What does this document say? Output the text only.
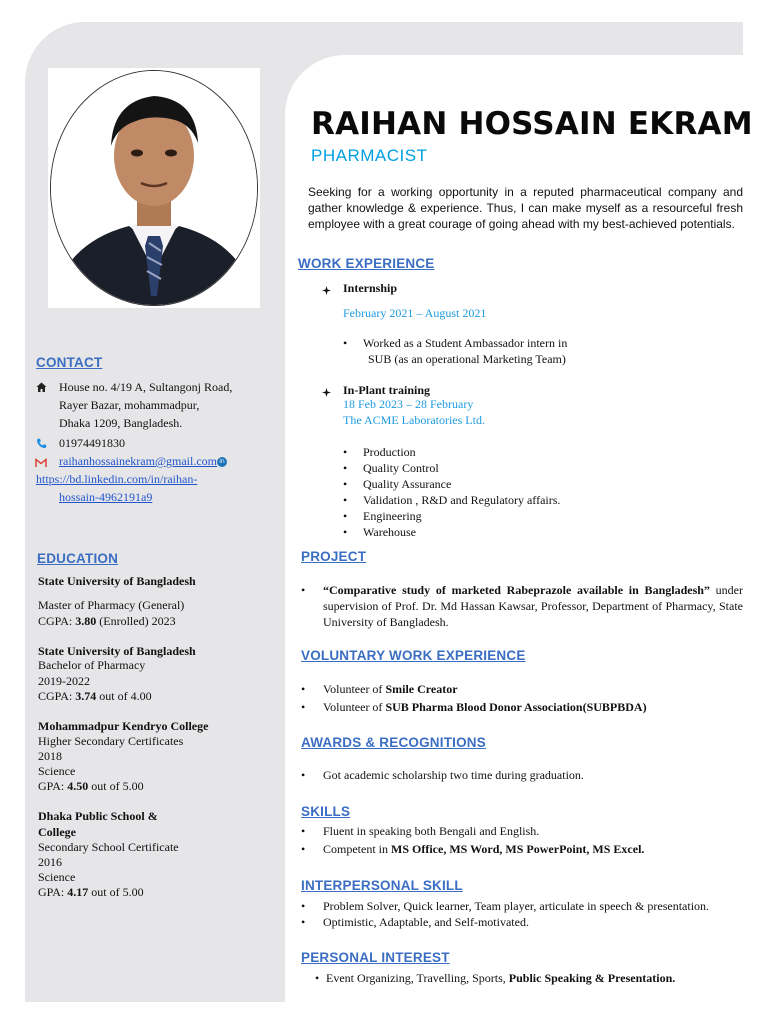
RAIHAN HOSSAIN EKRAM
PHARMACIST
Seeking for a working opportunity in a reputed pharmaceutical company and gather knowledge & experience. Thus, I can make myself as a resourceful fresh employee with a great courage of going ahead with my best-achieved potentials.
CONTACT
House no. 4/19 A, Sultangonj Road,
Rayer Bazar, mohammadpur,
Dhaka 1209, Bangladesh.
01974491830
raihanhossainekram@gmail.com in
https://bd.linkedin.com/in/raihan-
hossain-4962191a9
EDUCATION
State University of Bangladesh
Master of Pharmacy (General)
CGPA: 3.80 (Enrolled) 2023
State University of Bangladesh
Bachelor of Pharmacy
2019-2022
CGPA: 3.74 out of 4.00
Mohammadpur Kendryo College
Higher Secondary Certificates
2018
Science
GPA: 4.50 out of 5.00
Dhaka Public School &
College
Secondary School Certificate
2016
Science
GPA: 4.17 out of 5.00
WORK EXPERIENCE
Internship
February 2021 – August 2021
• Worked as a Student Ambassador intern in
SUB (as an operational Marketing Team)
In-Plant training
18 Feb 2023 – 28 February
The ACME Laboratories Ltd.
• Production
• Quality Control
• Quality Assurance
• Validation , R&D and Regulatory affairs.
• Engineering
• Warehouse
PROJECT
• “Comparative study of marketed Rabeprazole available in Bangladesh” under supervision of Prof. Dr. Md Hassan Kawsar, Professor, Department of Pharmacy, State University of Bangladesh.
VOLUNTARY WORK EXPERIENCE
• Volunteer of Smile Creator
• Volunteer of SUB Pharma Blood Donor Association(SUBPBDA)
AWARDS & RECOGNITIONS
• Got academic scholarship two time during graduation.
SKILLS
• Fluent in speaking both Bengali and English.
• Competent in MS Office, MS Word, MS PowerPoint, MS Excel.
INTERPERSONAL SKILL
• Problem Solver, Quick learner, Team player, articulate in speech & presentation.
• Optimistic, Adaptable, and Self-motivated.
PERSONAL INTEREST
• Event Organizing, Travelling, Sports, Public Speaking & Presentation.
